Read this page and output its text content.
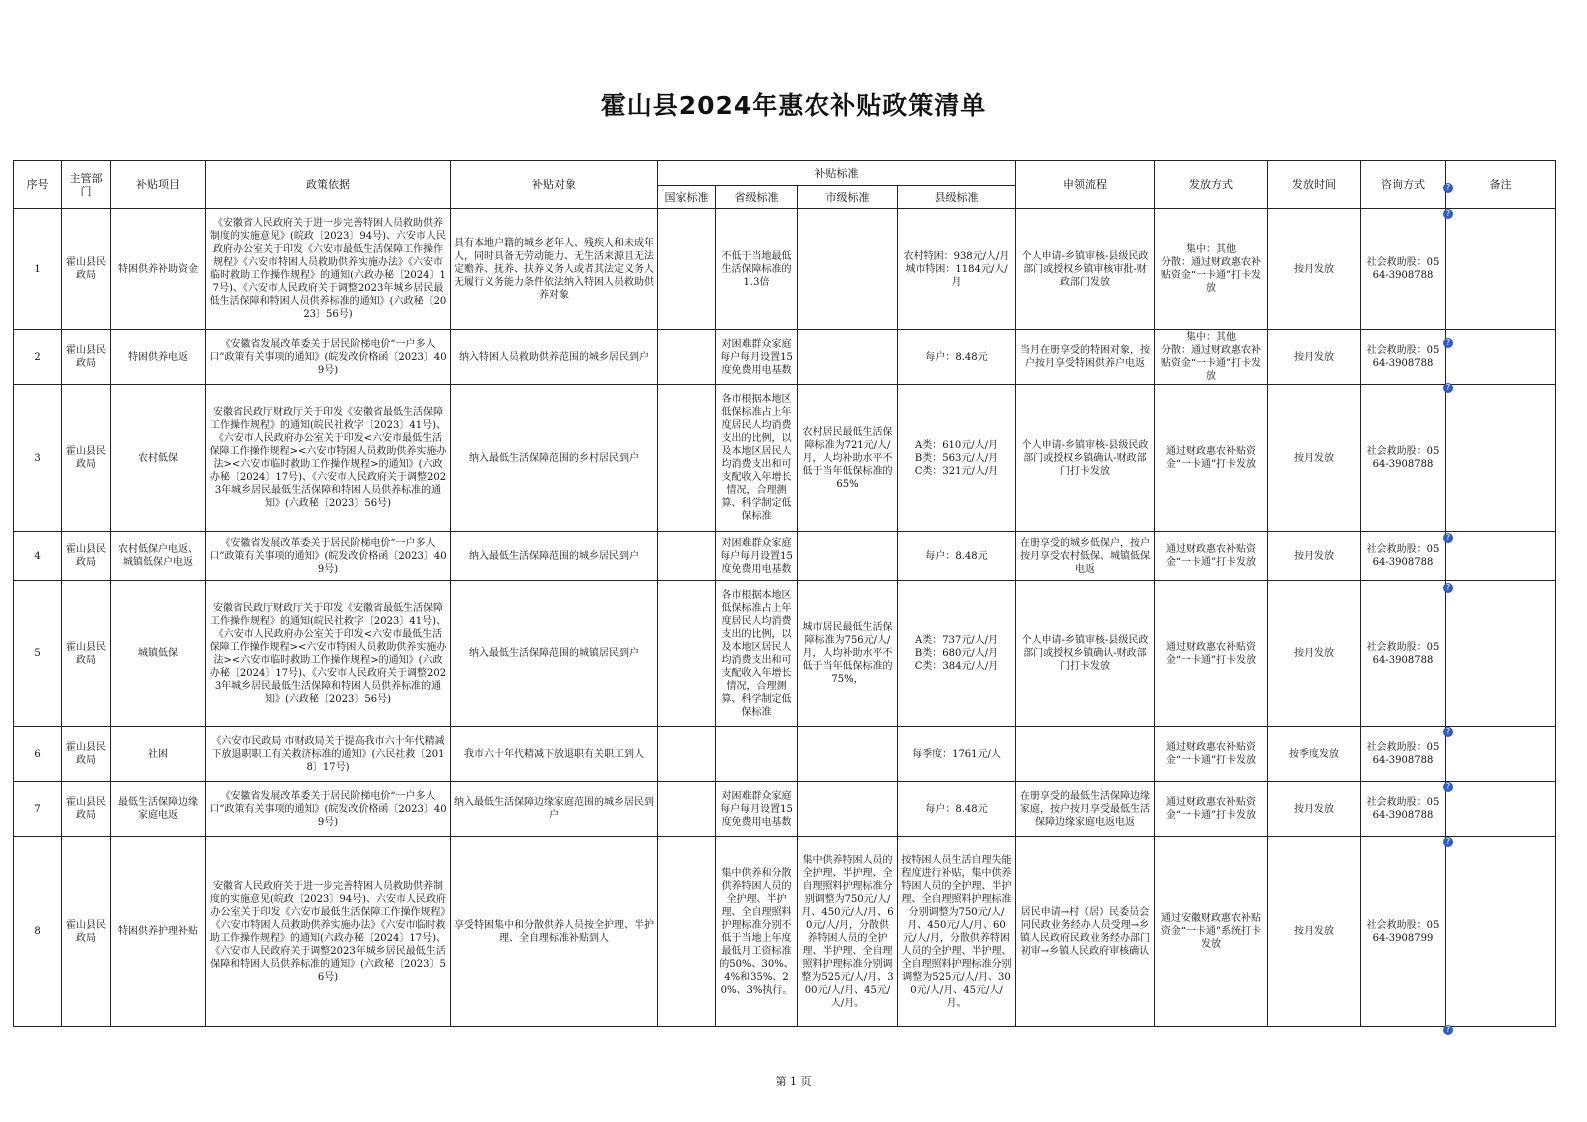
霍山县2024年惠农补贴政策清单
序号	主管部门	补贴项目	政策依据	补贴对象	补贴标准				申领流程	发放方式	发放时间	咨询方式	备注
					国家标准	省级标准	市级标准	县级标准					
1	霍山县民政局	特困供养补助资金	《安徽省人民政府关于进一步完善特困人员救助供养制度的实施意见》(皖政〔2023〕94号)、六安市人民政府办公室关于印发《六安市最低生活保障工作操作规程》《六安市特困人员救助供养实施办法》《六安市临时救助工作操作规程》的通知(六政办秘〔2024〕17号)、《六安市人民政府关于调整2023年城乡居民最低生活保障和特困人员供养标准的通知》(六政秘〔2023〕56号)	具有本地户籍的城乡老年人、残疾人和未成年人，同时具备无劳动能力、无生活来源且无法定赡养、抚养、扶养义务人或者其法定义务人无履行义务能力条件依法纳入特困人员救助供养对象		不低于当地最低生活保障标准的1.3倍		农村特困：938元/人/月
城市特困：1184元/人/月	个人申请-乡镇审核-县级民政部门或授权乡镇审核审批-财政部门发放	集中：其他
分散：通过财政惠农补贴资金“一卡通”打卡发放	按月发放	社会救助股：0564-3908788	
2	霍山县民政局	特困供养电返	《安徽省发展改革委关于居民阶梯电价“一户多人口”政策有关事项的通知》(皖发改价格函〔2023〕409号)	纳入特困人员救助供养范围的城乡居民到户		对困难群众家庭每户每月设置15度免费用电基数		每户：8.48元	当月在册享受的特困对象，按户按月享受特困供养户电返	集中：其他
分散：通过财政惠农补贴资金“一卡通”打卡发放	按月发放	社会救助股：0564-3908788	
3	霍山县民政局	农村低保	安徽省民政厅财政厅关于印发《安徽省最低生活保障工作操作规程》的通知(皖民社救字〔2023〕41号)、《六安市人民政府办公室关于印发<六安市最低生活保障工作操作规程><六安市特困人员救助供养实施办法><六安市临时救助工作操作规程>的通知》(六政办秘〔2024〕17号)、《六安市人民政府关于调整2023年城乡居民最低生活保障和特困人员供养标准的通知》(六政秘〔2023〕56号)	纳入最低生活保障范围的乡村居民到户		各市根据本地区低保标准占上年度居民人均消费支出的比例，以及本地区居民人均消费支出和可支配收入年增长情况，合理测算、科学制定低保标准	农村居民最低生活保障标准为721元/人/月，人均补助水平不低于当年低保标准的65%	A类：610元/人/月
B类：563元/人/月
C类：321元/人/月	个人申请-乡镇审核-县级民政部门或授权乡镇确认-财政部门打卡发放	通过财政惠农补贴资金“一卡通”打卡发放	按月发放	社会救助股：0564-3908788	
4	霍山县民政局	农村低保户电返、城镇低保户电返	《安徽省发展改革委关于居民阶梯电价“一户多人口”政策有关事项的通知》(皖发改价格函〔2023〕409号)	纳入最低生活保障范围的城乡居民到户		对困难群众家庭每户每月设置15度免费用电基数		每户：8.48元	在册享受的城乡低保户，按户按月享受农村低保、城镇低保电返	通过财政惠农补贴资金“一卡通”打卡发放	按月发放	社会救助股：0564-3908788	
5	霍山县民政局	城镇低保	安徽省民政厅财政厅关于印发《安徽省最低生活保障工作操作规程》的通知(皖民社救字〔2023〕41号)、《六安市人民政府办公室关于印发<六安市最低生活保障工作操作规程><六安市特困人员救助供养实施办法><六安市临时救助工作操作规程>的通知》(六政办秘〔2024〕17号)、《六安市人民政府关于调整2023年城乡居民最低生活保障和特困人员供养标准的通知》(六政秘〔2023〕56号)	纳入最低生活保障范围的城镇居民到户		各市根据本地区低保标准占上年度居民人均消费支出的比例，以及本地区居民人均消费支出和可支配收入年增长情况，合理测算、科学制定低保标准	城市居民最低生活保障标准为756元/人/月，人均补助水平不低于当年低保标准的75%，	A类：737元/人/月
B类：680元/人/月
C类：384元/人/月	个人申请-乡镇审核-县级民政部门或授权乡镇确认-财政部门打卡发放	通过财政惠农补贴资金“一卡通”打卡发放	按月发放	社会救助股：0564-3908788	
6	霍山县民政局	社困	《六安市民政局 市财政局关于提高我市六十年代精减下放退职职工有关救济标准的通知》(六民社救〔2018〕17号)	我市六十年代精减下放退职有关职工到人				每季度：1761元/人		通过财政惠农补贴资金“一卡通”打卡发放	按季度发放	社会救助股：0564-3908788	
7	霍山县民政局	最低生活保障边缘家庭电返	《安徽省发展改革委关于居民阶梯电价“一户多人口”政策有关事项的通知》(皖发改价格函〔2023〕409号)	纳入最低生活保障边缘家庭范围的城乡居民到户		对困难群众家庭每户每月设置15度免费用电基数		每户：8.48元	在册享受的最低生活保障边缘家庭，按户按月享受最低生活保障边缘家庭电返电返	通过财政惠农补贴资金“一卡通”打卡发放	按月发放	社会救助股：0564-3908788	
8	霍山县民政局	特困供养护理补贴	安徽省人民政府关于进一步完善特困人员救助供养制度的实施意见(皖政〔2023〕94号)、六安市人民政府办公室关于印发《六安市最低生活保障工作操作规程》《六安市特困人员救助供养实施办法》《六安市临时救助工作操作规程》的通知(六政办秘〔2024〕17号)、《六安市人民政府关于调整2023年城乡居民最低生活保障和特困人员供养标准的通知》(六政秘〔2023〕56号)	享受特困集中和分散供养人员按全护理、半护理、全自理标准补贴到人		集中供养和分散供养特困人员的全护理、半护理、全自理照料护理标准分别不低于当地上年度最低月工资标准的50%、30%、4%和35%、20%、3%执行。	集中供养特困人员的全护理、半护理、全自理照料护理标准分别调整为750元/人/月、450元/人/月、60元/人/月，分散供养特困人员的全护理、半护理、全自理照料护理标准分别调整为525元/人/月、300元/人/月、45元/人/月。	按特困人员生活自理失能程度进行补贴，集中供养特困人员的全护理、半护理、全自理照料护理标准分别调整为750元/人/月、450元/人/月、60元/人/月，分散供养特困人员的全护理、半护理、全自理照料护理标准分别调整为525元/人/月、300元/人/月、45元/人/月。	居民申请→村（居）民委员会同民政业务经办人员受理→乡镇人民政府民政业务经办部门初审→乡镇人民政府审核确认	通过安徽财政惠农补贴资金“一卡通”系统打卡发放	按月发放	社会救助股：0564-3908799	
?
?
?
?
?
?
?
?
?
?
第 1 页
